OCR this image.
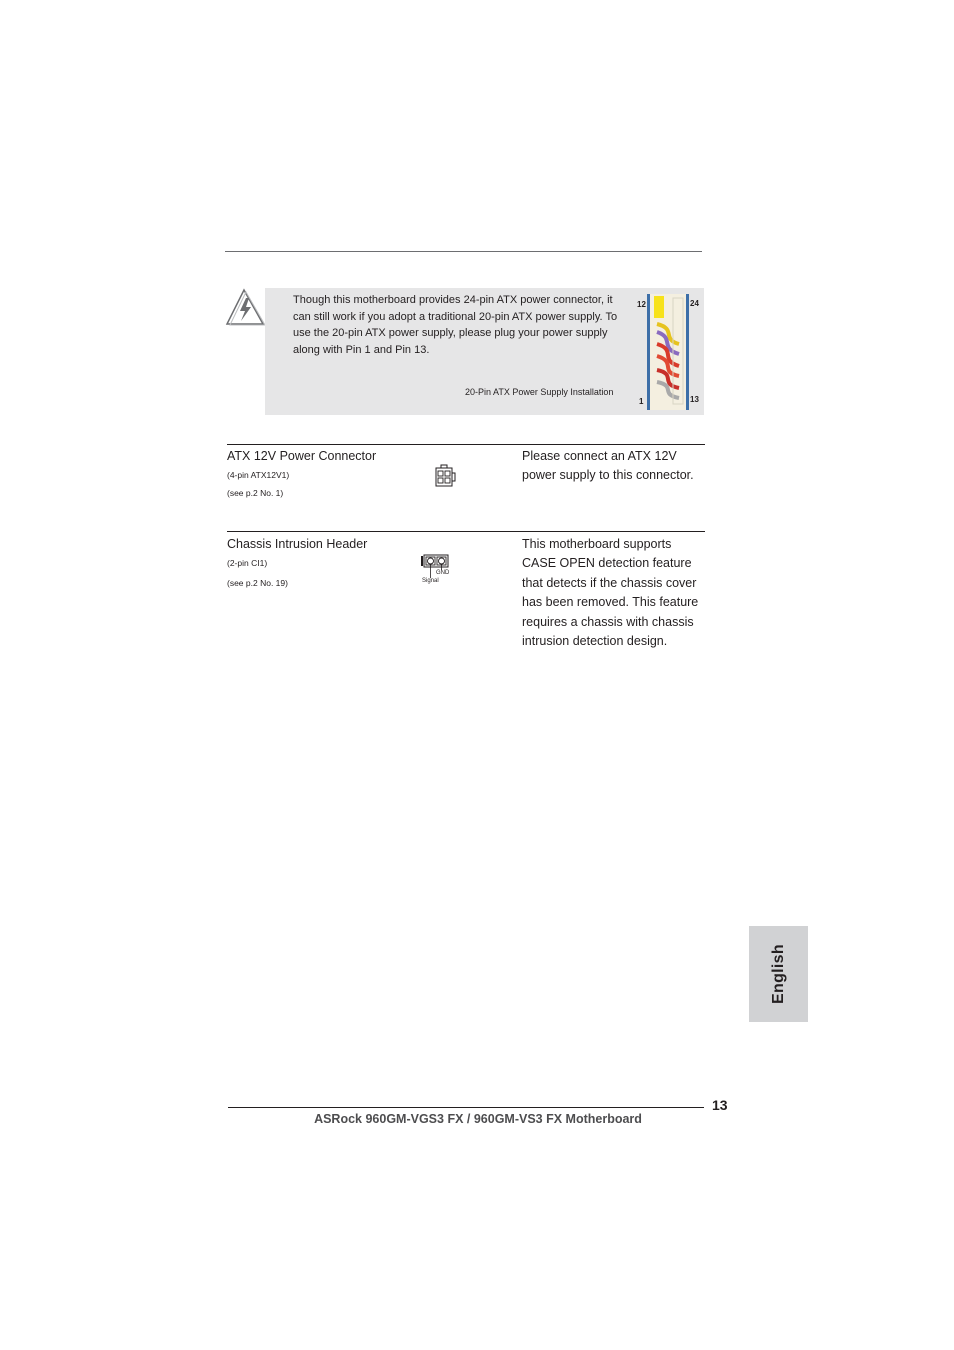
Though this motherboard provides 24-pin ATX power connector, it can still work if you adopt a traditional 20-pin ATX power supply. To use the 20-pin ATX power supply, please plug your power supply along with Pin 1 and Pin 13.
20-Pin ATX Power Supply Installation
12	24
1	13
ATX 12V Power Connector
(4-pin ATX12V1)
(see p.2 No. 1)
Please connect an ATX 12V power supply to this connector.
Chassis Intrusion Header
(2-pin CI1)
(see p.2 No. 19)
GND
Signal
This motherboard supports CASE OPEN detection feature that detects if the chassis cover has been removed. This feature requires a chassis with chassis intrusion detection design.
English
13
ASRock 960GM-VGS3 FX / 960GM-VS3 FX Motherboard
